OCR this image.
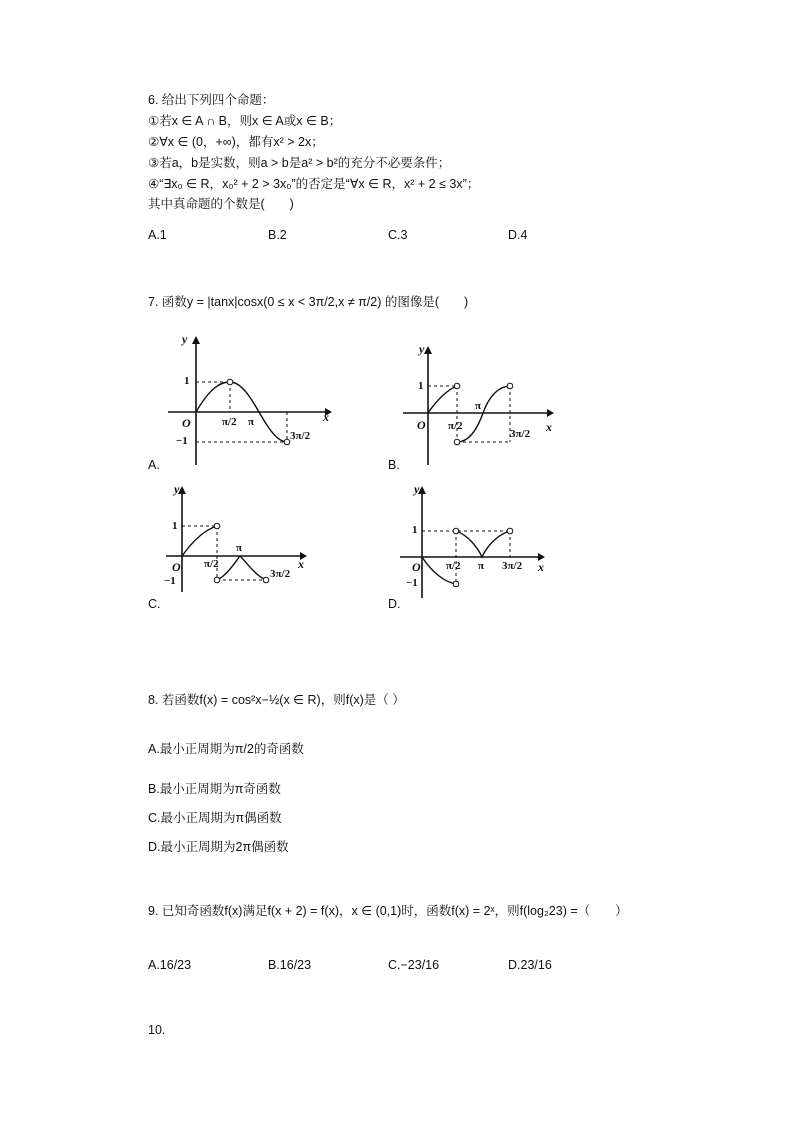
6. 给出下列四个命题：
①若x ∈ A ∩ B，则x ∈ A或x ∈ B；
②∀x ∈ (0，+∞)，都有x² > 2x；
③若a，b是实数，则a > b是a² > b²的充分不必要条件；
④“∃x₀ ∈ R，x₀² + 2 > 3x₀”的否定是“∀x ∈ R，x² + 2 ≤ 3x”；
其中真命题的个数是(　　)
A.1	B.2	C.3	D.4
7. 函数y = |tanx|cosx(0 ≤ x < 3π/2,x ≠ π/2) 的图像是(　　)
y
x
O
1
−1
π/2 π
3π/2
A.
y
x
O
1
π/2
π
3π/2
B.
y
x
O
1
−1
π/2
π
3π/2
C.
y
x
O
1
−1
π/2 π 3π/2
D.
8. 若函数f(x) = cos²x−½(x ∈ R)，则f(x)是（ ）
A.最小正周期为π/2的奇函数
B.最小正周期为π奇函数
C.最小正周期为π偶函数
D.最小正周期为2π偶函数
9. 已知奇函数f(x)满足f(x + 2) = f(x)，x ∈ (0,1)时，函数f(x) = 2ˣ，则f(log₂23) =（　　）
A.16/23	B.16/23	C.−23/16	D.23/16
10.
